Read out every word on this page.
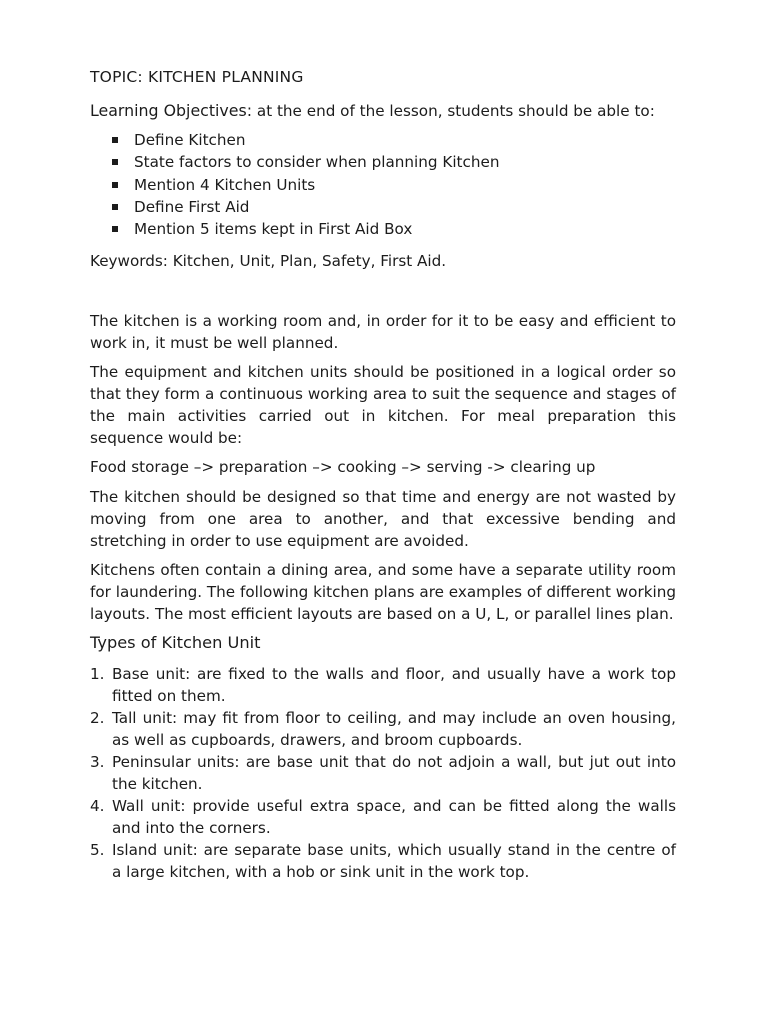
TOPIC: KITCHEN PLANNING
Learning Objectives: at the end of the lesson, students should be able to:
Define Kitchen
State factors to consider when planning Kitchen
Mention 4 Kitchen Units
Define First Aid
Mention 5 items kept in First Aid Box
Keywords: Kitchen, Unit, Plan, Safety, First Aid.

The kitchen is a working room and, in order for it to be easy and efficient to work in, it must be well planned.

The equipment and kitchen units should be positioned in a logical order so that they form a continuous working area to suit the sequence and stages of the main activities carried out in kitchen. For meal preparation this sequence would be:

Food storage –> preparation –> cooking –> serving -> clearing up

The kitchen should be designed so that time and energy are not wasted by moving from one area to another, and that excessive bending and stretching in order to use equipment are avoided.

Kitchens often contain a dining area, and some have a separate utility room for laundering. The following kitchen plans are examples of different working layouts. The most efficient layouts are based on a U, L, or parallel lines plan.

Types of Kitchen Unit
1. Base unit: are fixed to the walls and floor, and usually have a work top fitted on them.
2. Tall unit: may fit from floor to ceiling, and may include an oven housing, as well as cupboards, drawers, and broom cupboards.
3. Peninsular units: are base unit that do not adjoin a wall, but jut out into the kitchen.
4. Wall unit: provide useful extra space, and can be fitted along the walls and into the corners.
5. Island unit: are separate base units, which usually stand in the centre of a large kitchen, with a hob or sink unit in the work top.
